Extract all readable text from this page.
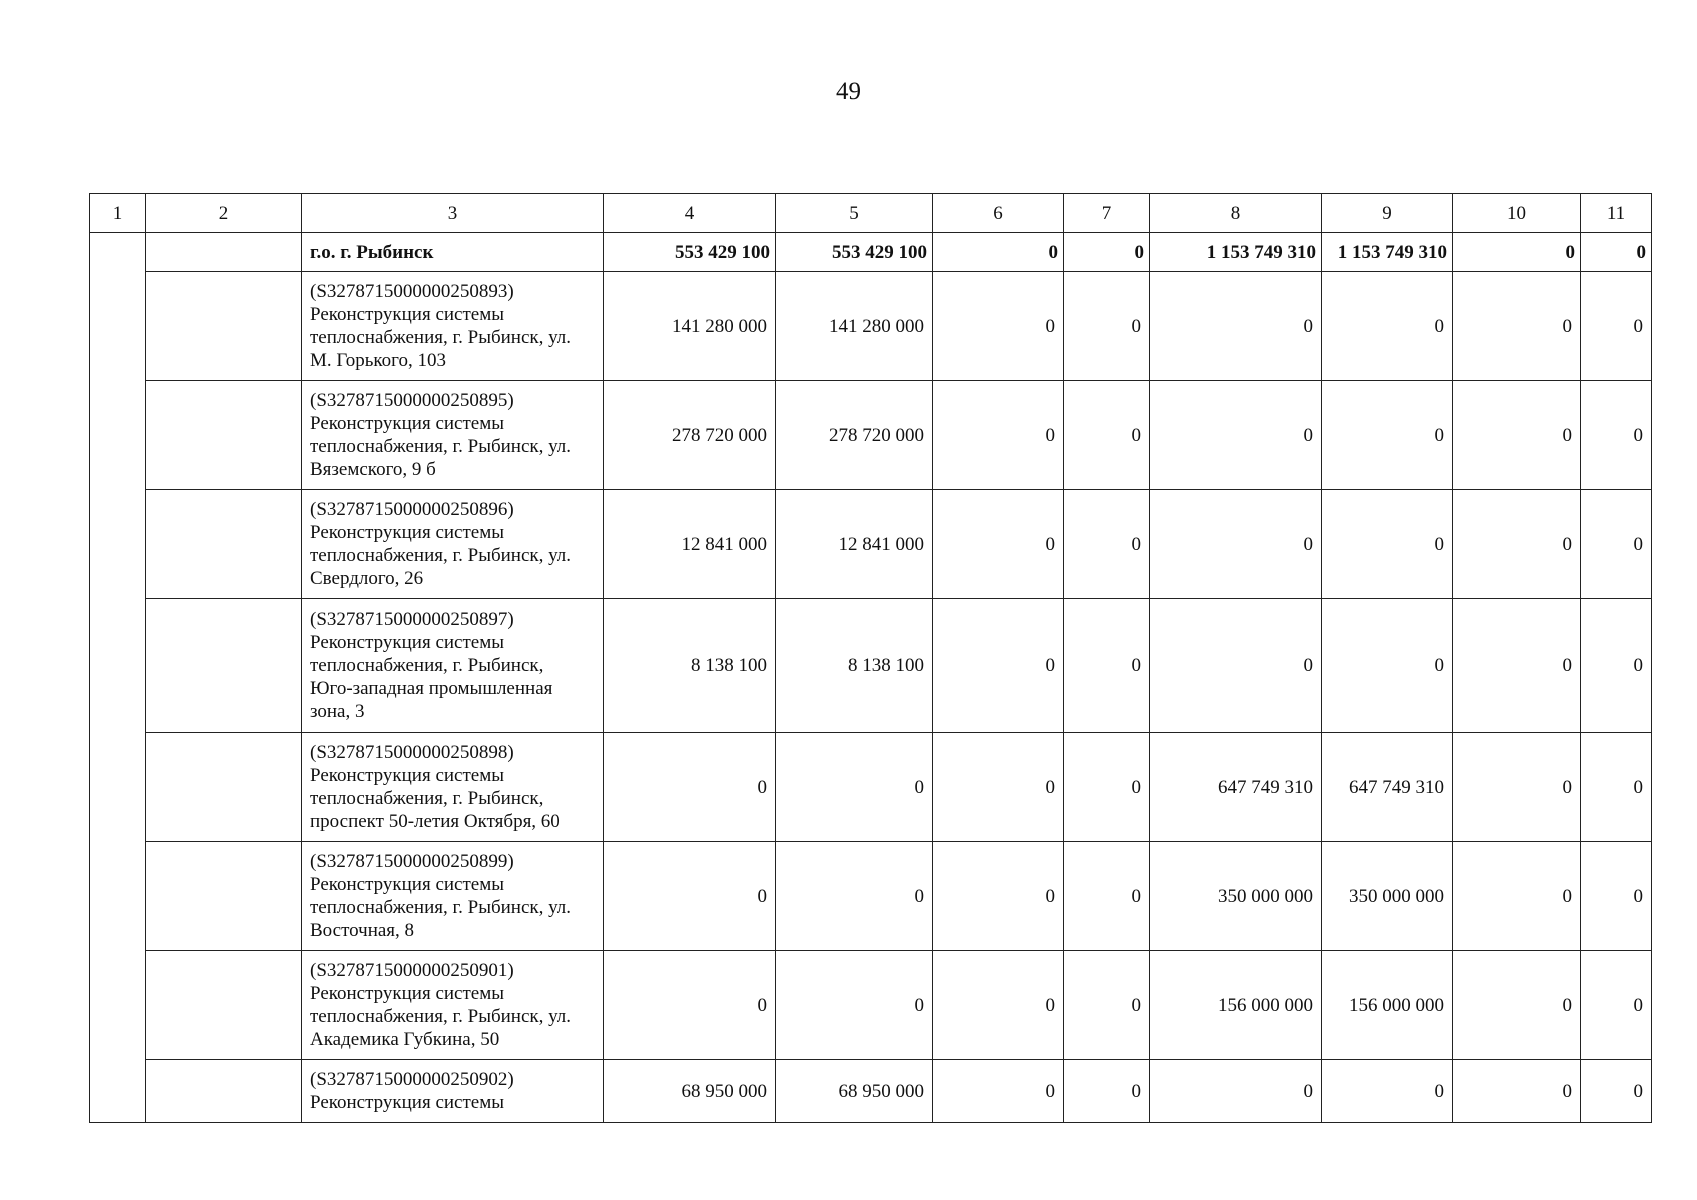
49
1	2	3	4	5	6	7	8	9	10	11
		г.о. г. Рыбинск	553 429 100	553 429 100	0	0	1 153 749 310	1 153 749 310	0	0

		(S3278715000000250893)
Реконструкция системы
теплоснабжения, г. Рыбинск, ул.
М. Горького, 103	141 280 000	141 280 000	0	0	0	0	0	0

		(S3278715000000250895)
Реконструкция системы
теплоснабжения, г. Рыбинск, ул.
Вяземского, 9 б	278 720 000	278 720 000	0	0	0	0	0	0

		(S3278715000000250896)
Реконструкция системы
теплоснабжения, г. Рыбинск, ул.
Свердлого, 26	12 841 000	12 841 000	0	0	0	0	0	0

		(S3278715000000250897)
Реконструкция системы
теплоснабжения, г. Рыбинск,
Юго-западная промышленная
зона, 3	8 138 100	8 138 100	0	0	0	0	0	0

		(S3278715000000250898)
Реконструкция системы
теплоснабжения, г. Рыбинск,
проспект 50-летия Октября, 60	0	0	0	0	647 749 310	647 749 310	0	0

		(S3278715000000250899)
Реконструкция системы
теплоснабжения, г. Рыбинск, ул.
Восточная, 8	0	0	0	0	350 000 000	350 000 000	0	0

		(S3278715000000250901)
Реконструкция системы
теплоснабжения, г. Рыбинск, ул.
Академика Губкина, 50	0	0	0	0	156 000 000	156 000 000	0	0

		(S3278715000000250902)
Реконструкция системы	68 950 000	68 950 000	0	0	0	0	0	0
